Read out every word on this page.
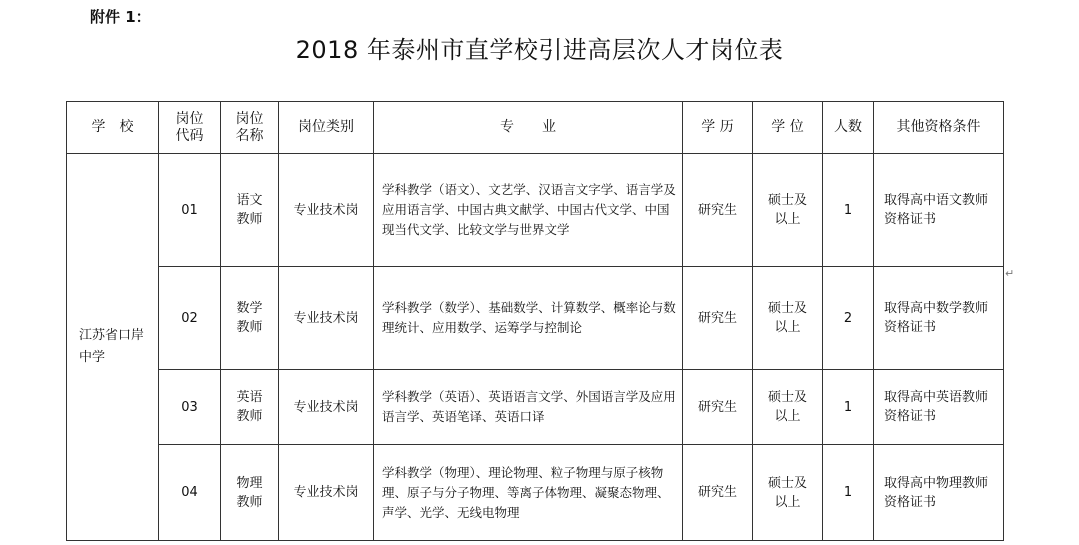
附件 1：
2018 年泰州市直学校引进高层次人才岗位表
学　校	岗位代码	岗位名称	岗位类别	专　　业	学 历	学 位	人数	其他资格条件
江苏省口岸中学	01	语文教师	专业技术岗	学科教学（语文）、文艺学、汉语言文字学、语言学及应用语言学、中国古典文献学、中国古代文学、中国现当代文学、比较文学与世界文学	研究生	硕士及以上	1	取得高中语文教师资格证书
	02	数学教师	专业技术岗	学科教学（数学）、基础数学、计算数学、概率论与数理统计、应用数学、运筹学与控制论	研究生	硕士及以上	2	取得高中数学教师资格证书
	03	英语教师	专业技术岗	学科教学（英语）、英语语言文学、外国语言学及应用语言学、英语笔译、英语口译	研究生	硕士及以上	1	取得高中英语教师资格证书
	04	物理教师	专业技术岗	学科教学（物理）、理论物理、粒子物理与原子核物理、原子与分子物理、等离子体物理、凝聚态物理、声学、光学、无线电物理	研究生	硕士及以上	1	取得高中物理教师资格证书
↵
